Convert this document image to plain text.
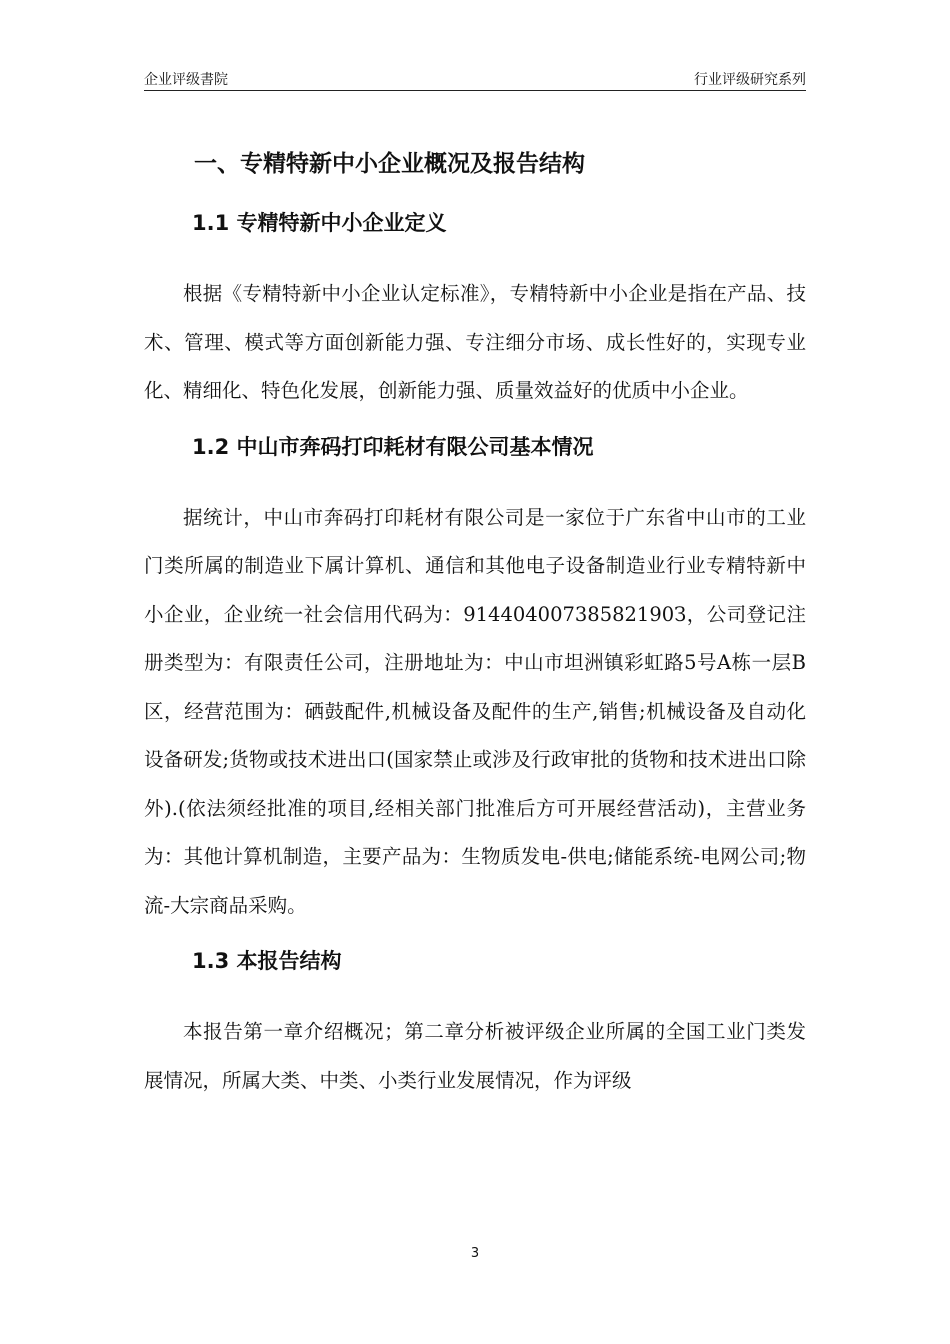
企业评级書院	行业评级研究系列
一、专精特新中小企业概况及报告结构
1.1 专精特新中小企业定义

根据《专精特新中小企业认定标准》，专精特新中小企业是指在产品、技术、管理、模式等方面创新能力强、专注细分市场、成长性好的，实现专业化、精细化、特色化发展，创新能力强、质量效益好的优质中小企业。

1.2 中山市奔码打印耗材有限公司基本情况

据统计，中山市奔码打印耗材有限公司是一家位于广东省中山市的工业门类所属的制造业下属计算机、通信和其他电子设备制造业行业专精特新中小企业，企业统一社会信用代码为：91440400738582190З，公司登记注册类型为：有限责任公司，注册地址为：中山市坦洲镇彩虹路5号A栋一层B区，经营范围为：硒鼓配件,机械设备及配件的生产,销售;机械设备及自动化设备研发;货物或技术进出口(国家禁止或涉及行政审批的货物和技术进出口除外).(依法须经批准的项目,经相关部门批准后方可开展经营活动)，主营业务为：其他计算机制造，主要产品为：生物质发电-供电;储能系统-电网公司;物流-大宗商品采购。

1.3 本报告结构

本报告第一章介绍概况；第二章分析被评级企业所属的全国工业门类发展情况，所属大类、中类、小类行业发展情况，作为评级

3
